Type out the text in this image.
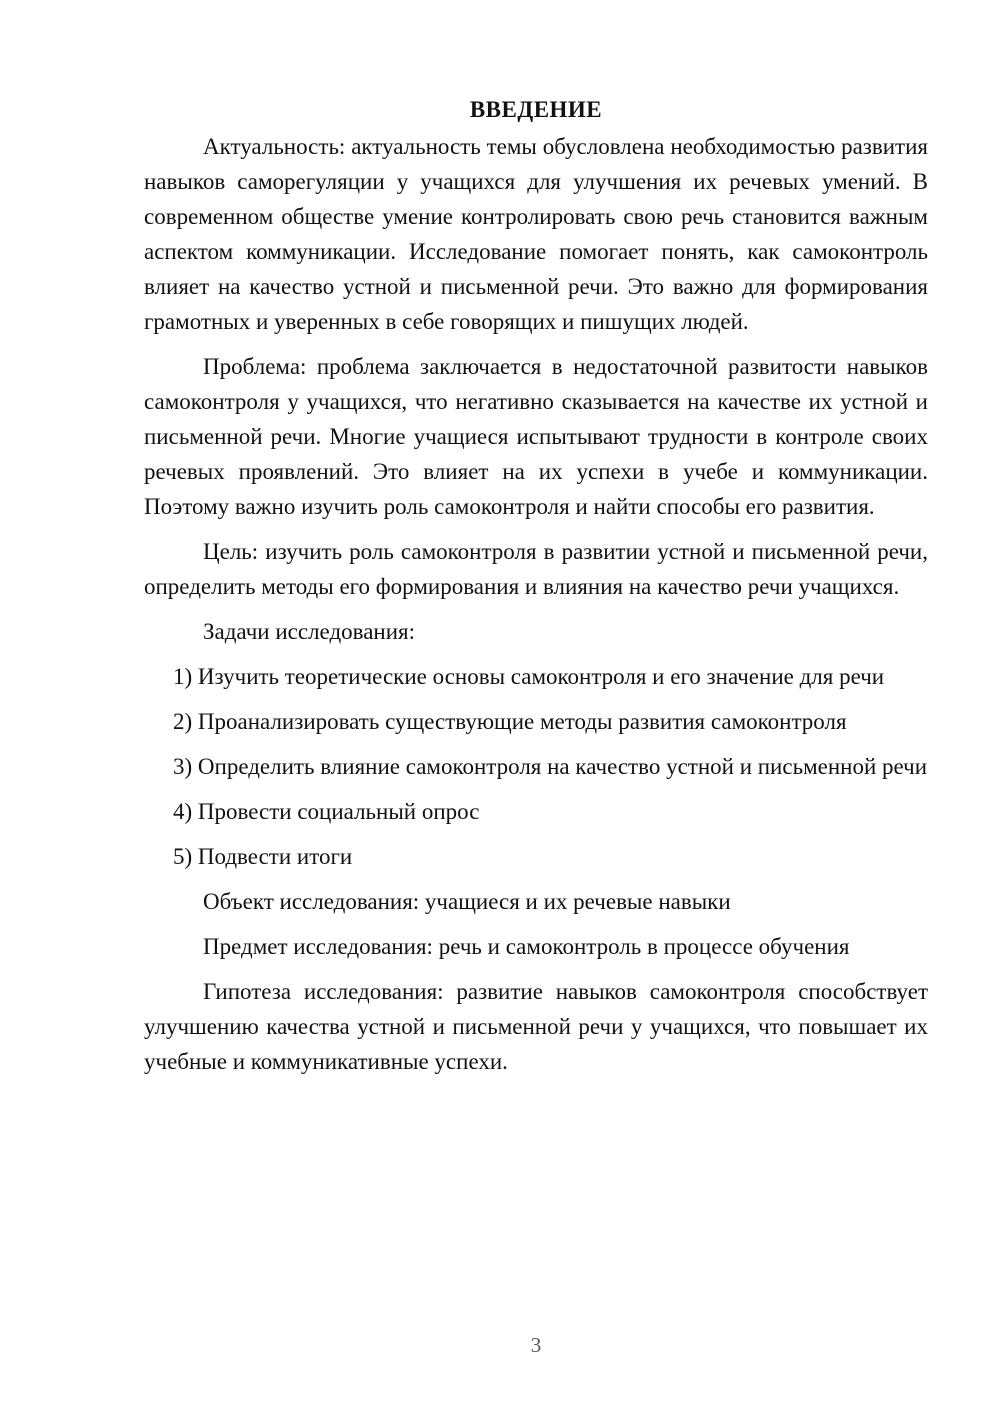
ВВЕДЕНИЕ

Актуальность: актуальность темы обусловлена необходимостью развития навыков саморегуляции у учащихся для улучшения их речевых умений. В современном обществе умение контролировать свою речь становится важным аспектом коммуникации. Исследование помогает понять, как самоконтроль влияет на качество устной и письменной речи. Это важно для формирования грамотных и уверенных в себе говорящих и пишущих людей.

Проблема: проблема заключается в недостаточной развитости навыков самоконтроля у учащихся, что негативно сказывается на качестве их устной и письменной речи. Многие учащиеся испытывают трудности в контроле своих речевых проявлений. Это влияет на их успехи в учебе и коммуникации. Поэтому важно изучить роль самоконтроля и найти способы его развития.

Цель: изучить роль самоконтроля в развитии устной и письменной речи, определить методы его формирования и влияния на качество речи учащихся.

Задачи исследования:

1) Изучить теоретические основы самоконтроля и его значение для речи

2) Проанализировать существующие методы развития самоконтроля

3) Определить влияние самоконтроля на качество устной и письменной речи

4) Провести социальный опрос

5) Подвести итоги

Объект исследования: учащиеся и их речевые навыки

Предмет исследования: речь и самоконтроль в процессе обучения

Гипотеза исследования: развитие навыков самоконтроля способствует улучшению качества устной и письменной речи у учащихся, что повышает их учебные и коммуникативные успехи.

3
